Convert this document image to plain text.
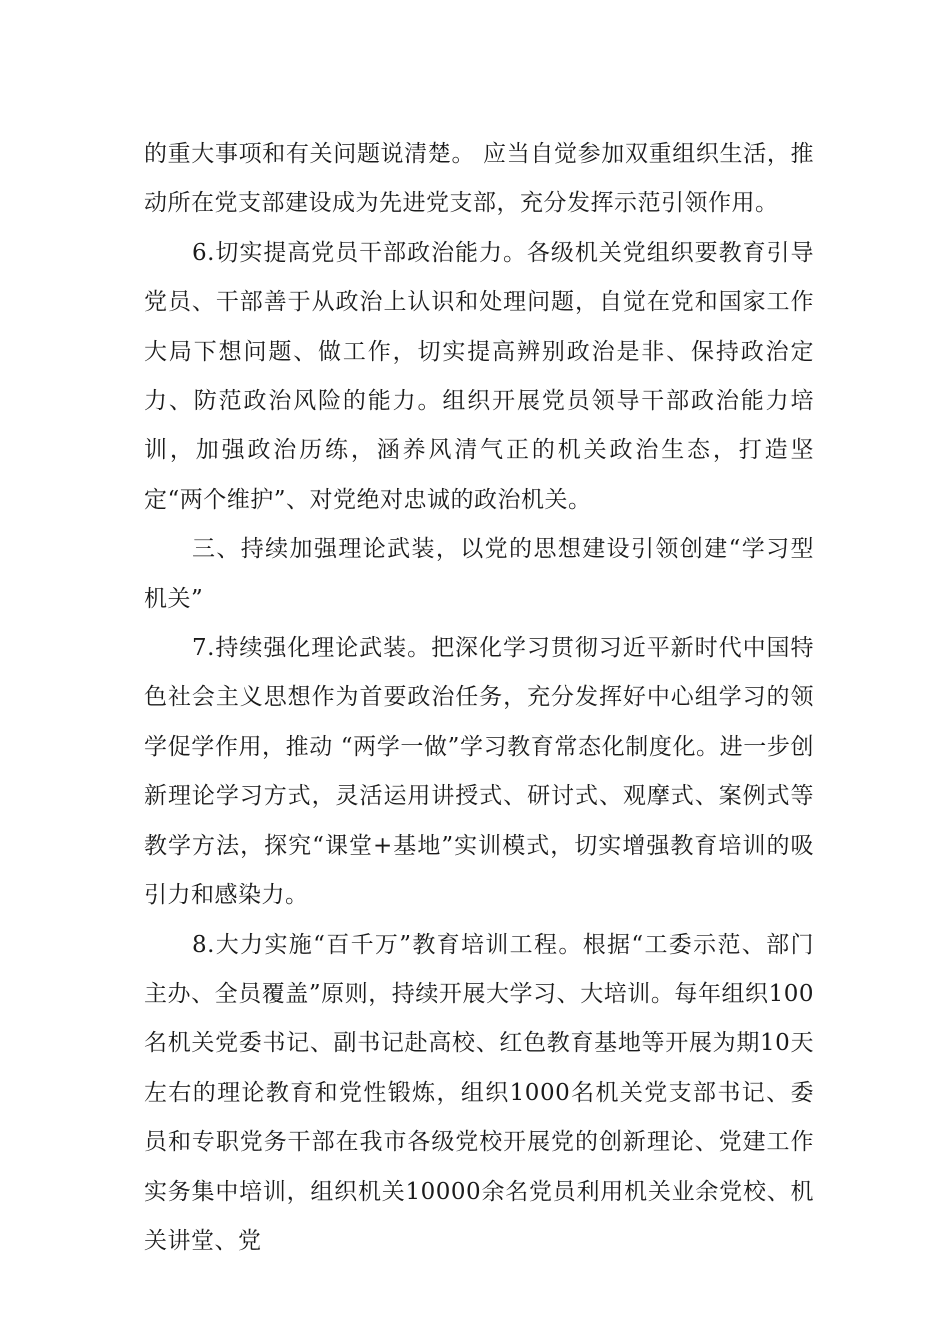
的重大事项和有关问题说清楚。 应当自觉参加双重组织生活，推动所在党支部建设成为先进党支部，充分发挥示范引领作用。

6.切实提高党员干部政治能力。各级机关党组织要教育引导党员、干部善于从政治上认识和处理问题，自觉在党和国家工作大局下想问题、做工作，切实提高辨别政治是非、保持政治定力、防范政治风险的能力。组织开展党员领导干部政治能力培训，加强政治历练，涵养风清气正的机关政治生态，打造坚定“两个维护”、对党绝对忠诚的政治机关。

三、持续加强理论武装，以党的思想建设引领创建“学习型机关”

7.持续强化理论武装。把深化学习贯彻习近平新时代中国特色社会主义思想作为首要政治任务，充分发挥好中心组学习的领学促学作用，推动 “两学一做”学习教育常态化制度化。进一步创新理论学习方式，灵活运用讲授式、研讨式、观摩式、案例式等教学方法，探究“课堂+基地”实训模式，切实增强教育培训的吸引力和感染力。

8.大力实施“百千万”教育培训工程。根据“工委示范、部门主办、全员覆盖”原则，持续开展大学习、大培训。每年组织100名机关党委书记、副书记赴高校、红色教育基地等开展为期10天左右的理论教育和党性锻炼，组织1000名机关党支部书记、委员和专职党务干部在我市各级党校开展党的创新理论、党建工作实务集中培训，组织机关10000余名党员利用机关业余党校、机关讲堂、党
